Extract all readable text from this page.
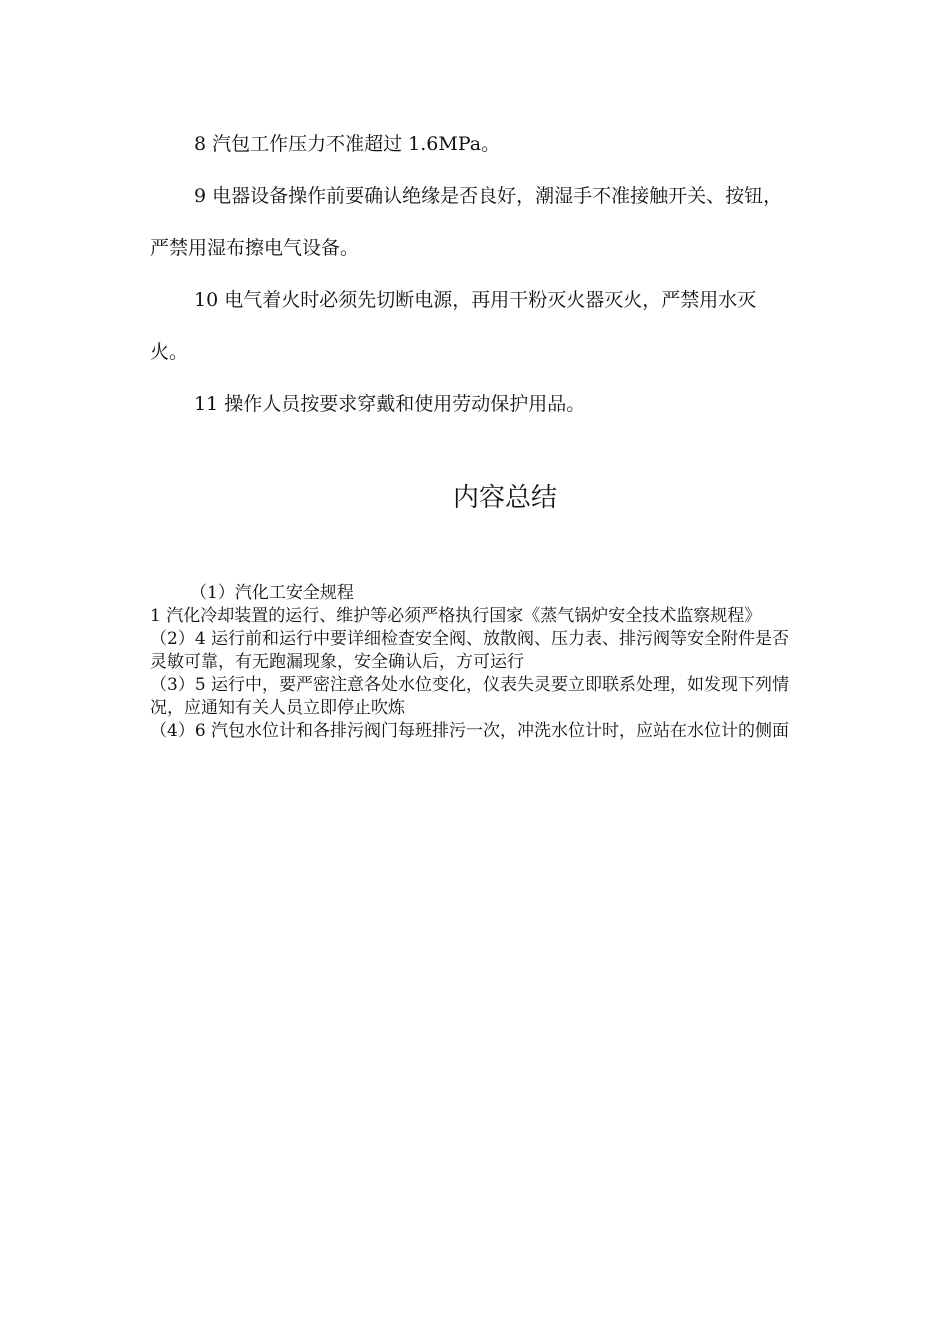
8 汽包工作压力不准超过 1.6MPa。

9 电器设备操作前要确认绝缘是否良好，潮湿手不准接触开关、按钮，严禁用湿布擦电气设备。

10 电气着火时必须先切断电源，再用干粉灭火器灭火，严禁用水灭火。

11 操作人员按要求穿戴和使用劳动保护用品。

内容总结

（1）汽化工安全规程

1 汽化冷却装置的运行、维护等必须严格执行国家《蒸气锅炉安全技术监察规程》

（2）4 运行前和运行中要详细检查安全阀、放散阀、压力表、排污阀等安全附件是否灵敏可靠，有无跑漏现象，安全确认后，方可运行

（3）5 运行中，要严密注意各处水位变化，仪表失灵要立即联系处理，如发现下列情况，应通知有关人员立即停止吹炼

（4）6 汽包水位计和各排污阀门每班排污一次，冲洗水位计时，应站在水位计的侧面
